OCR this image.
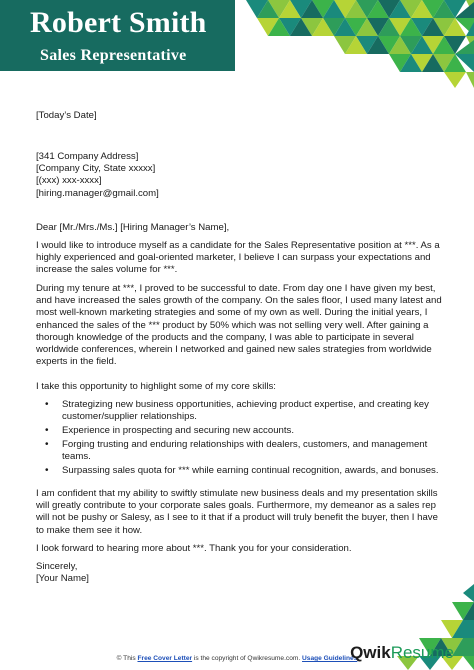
Robert Smith
Sales Representative
[Today’s Date]
[341 Company Address]
[Company City, State xxxxx]
[(xxx) xxx-xxxx]
[hiring.manager@gmail.com]
Dear [Mr./Mrs./Ms.] [Hiring Manager’s Name],
I would like to introduce myself as a candidate for the Sales Representative position at ***. As a highly experienced and goal-oriented marketer, I believe I can surpass your expectations and increase the sales volume for ***.
During my tenure at ***, I proved to be successful to date. From day one I have given my best, and have increased the sales growth of the company. On the sales floor, I used many latest and most well-known marketing strategies and some of my own as well. During the initial years, I enhanced the sales of the *** product by 50% which was not selling very well. After gaining a thorough knowledge of the products and the company, I was able to participate in several worldwide conferences, wherein I networked and gained new sales strategies from worldwide experts in the field.
I take this opportunity to highlight some of my core skills:
• Strategizing new business opportunities, achieving product expertise, and creating key customer/supplier relationships.
• Experience in prospecting and securing new accounts.
• Forging trusting and enduring relationships with dealers, customers, and management teams.
• Surpassing sales quota for *** while earning continual recognition, awards, and bonuses.
I am confident that my ability to swiftly stimulate new business deals and my presentation skills will greatly contribute to your corporate sales goals. Furthermore, my demeanor as a sales rep will not be pushy or Salesy, as I see to it that if a product will truly benefit the buyer, then I have to make them see it how.
I look forward to hearing more about ***. Thank you for your consideration.
Sincerely,
[Your Name]
© This Free Cover Letter is the copyright of Qwikresume.com. Usage Guidelines
QwikResume
